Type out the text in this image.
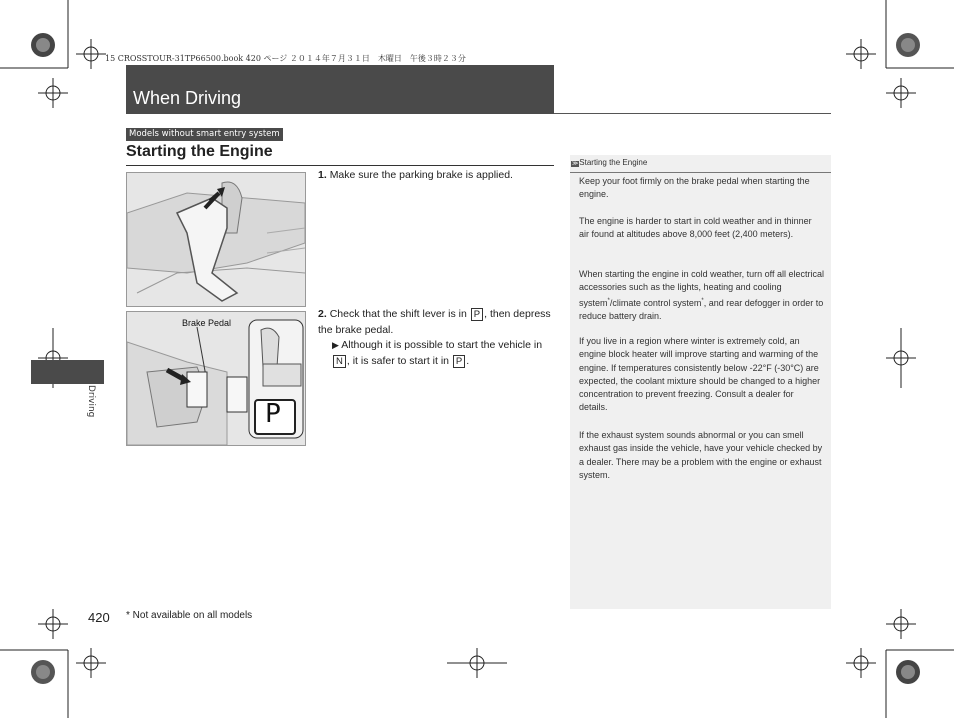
15 CROSSTOUR-31TP66500.book 420 ページ ２０１４年７月３１日　木曜日　午後３時２３分
When Driving
Models without smart entry system
Starting the Engine
Brake Pedal
P
1. Make sure the parking brake is applied.
2. Check that the shift lever is in P , then depress the brake pedal.
▶ Although it is possible to start the vehicle in N , it is safer to start it in P .
≫Starting the Engine
Keep your foot firmly on the brake pedal when starting the engine.
The engine is harder to start in cold weather and in thinner air found at altitudes above 8,000 feet (2,400 meters).
When starting the engine in cold weather, turn off all electrical accessories such as the lights, heating and cooling system*/climate control system*, and rear defogger in order to reduce battery drain.
If you live in a region where winter is extremely cold, an engine block heater will improve starting and warming of the engine. If temperatures consistently below -22°F (-30°C) are expected, the coolant mixture should be changed to a higher concentration to prevent freezing. Consult a dealer for details.
If the exhaust system sounds abnormal or you can smell exhaust gas inside the vehicle, have your vehicle checked by a dealer. There may be a problem with the engine or exhaust system.
Driving
420 * Not available on all models
